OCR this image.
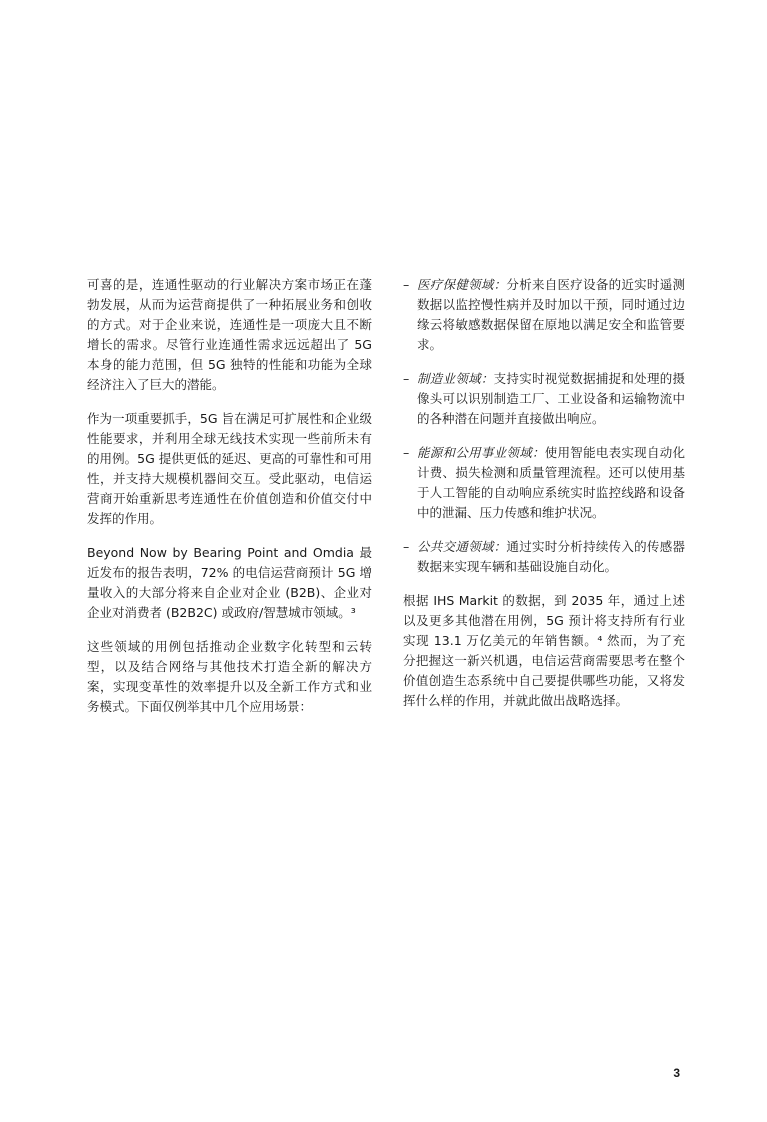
可喜的是，连通性驱动的行业解决方案市场正在蓬勃发展，从而为运营商提供了一种拓展业务和创收的方式。对于企业来说，连通性是一项庞大且不断增长的需求。尽管行业连通性需求远远超出了 5G 本身的能力范围，但 5G 独特的性能和功能为全球经济注入了巨大的潜能。

作为一项重要抓手，5G 旨在满足可扩展性和企业级性能要求，并利用全球无线技术实现一些前所未有的用例。5G 提供更低的延迟、更高的可靠性和可用性，并支持大规模机器间交互。受此驱动，电信运营商开始重新思考连通性在价值创造和价值交付中发挥的作用。

Beyond Now by Bearing Point and Omdia 最近发布的报告表明，72% 的电信运营商预计 5G 增量收入的大部分将来自企业对企业 (B2B)、企业对企业对消费者 (B2B2C) 或政府/智慧城市领域。³

这些领域的用例包括推动企业数字化转型和云转型，以及结合网络与其他技术打造全新的解决方案，实现变革性的效率提升以及全新工作方式和业务模式。下面仅例举其中几个应用场景：

– 医疗保健领域：分析来自医疗设备的近实时遥测数据以监控慢性病并及时加以干预，同时通过边缘云将敏感数据保留在原地以满足安全和监管要求。
– 制造业领域：支持实时视觉数据捕捉和处理的摄像头可以识别制造工厂、工业设备和运输物流中的各种潜在问题并直接做出响应。
– 能源和公用事业领域：使用智能电表实现自动化计费、损失检测和质量管理流程。还可以使用基于人工智能的自动响应系统实时监控线路和设备中的泄漏、压力传感和维护状况。
– 公共交通领域：通过实时分析持续传入的传感器数据来实现车辆和基础设施自动化。

根据 IHS Markit 的数据，到 2035 年，通过上述以及更多其他潜在用例，5G 预计将支持所有行业实现 13.1 万亿美元的年销售额。⁴ 然而，为了充分把握这一新兴机遇，电信运营商需要思考在整个价值创造生态系统中自己要提供哪些功能，又将发挥什么样的作用，并就此做出战略选择。

3
